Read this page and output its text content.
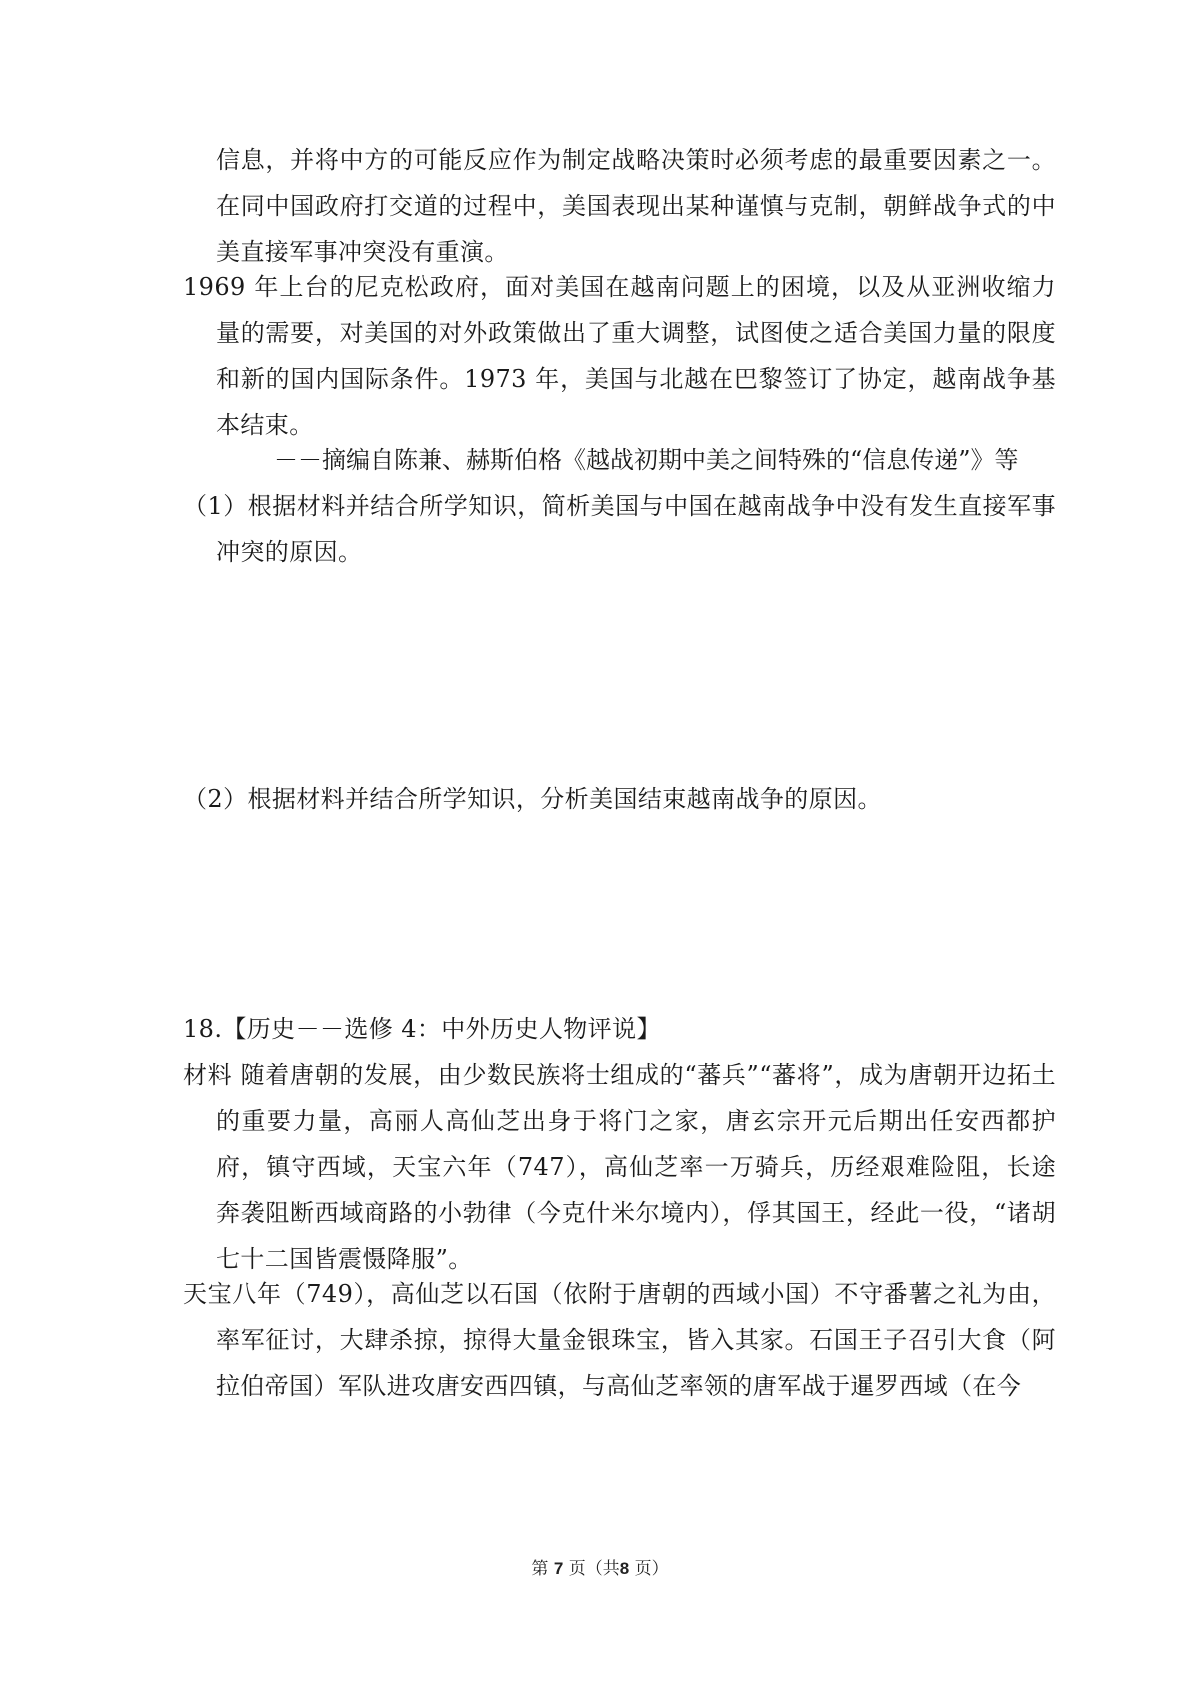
信息，并将中方的可能反应作为制定战略决策时必须考虑的最重要因素之一。在同中国政府打交道的过程中，美国表现出某种谨慎与克制，朝鲜战争式的中美直接军事冲突没有重演。
1969 年上台的尼克松政府，面对美国在越南问题上的困境，以及从亚洲收缩力量的需要，对美国的对外政策做出了重大调整，试图使之适合美国力量的限度和新的国内国际条件。1973 年，美国与北越在巴黎签订了协定，越南战争基本结束。
－－摘编自陈兼、赫斯伯格《越战初期中美之间特殊的“信息传递”》等
（1）根据材料并结合所学知识，简析美国与中国在越南战争中没有发生直接军事冲突的原因。
（2）根据材料并结合所学知识，分析美国结束越南战争的原因。
18.【历史－－选修 4：中外历史人物评说】
材料 随着唐朝的发展，由少数民族将士组成的“蕃兵”“蕃将”，成为唐朝开边拓土的重要力量，高丽人高仙芝出身于将门之家，唐玄宗开元后期出任安西都护府，镇守西域，天宝六年（747），高仙芝率一万骑兵，历经艰难险阻，长途奔袭阻断西域商路的小勃律（今克什米尔境内），俘其国王，经此一役，“诸胡七十二国皆震慑降服”。
天宝八年（749），高仙芝以石国（依附于唐朝的西域小国）不守番薯之礼为由，率军征讨，大肆杀掠，掠得大量金银珠宝，皆入其家。石国王子召引大食（阿拉伯帝国）军队进攻唐安西四镇，与高仙芝率领的唐军战于暹罗西域（在今
第 7 页（共8 页）
